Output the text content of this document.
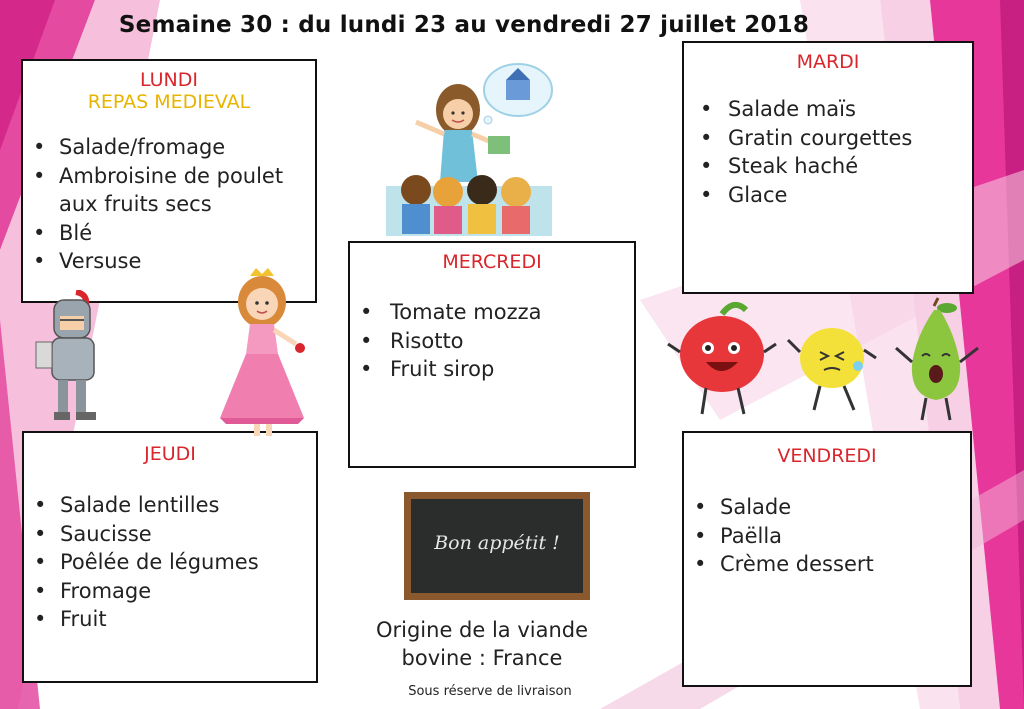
Semaine 30 : du lundi 23 au vendredi 27 juillet 2018
LUNDI
REPAS MEDIEVAL
• Salade/fromage
• Ambroisine de poulet aux fruits secs
• Blé
• Versuse
MARDI
• Salade maïs
• Gratin courgettes
• Steak haché
• Glace
MERCREDI
• Tomate mozza
• Risotto
• Fruit sirop
JEUDI
• Salade lentilles
• Saucisse
• Poêlée de légumes
• Fromage
• Fruit
VENDREDI
• Salade
• Paëlla
• Crème dessert
Bon appétit !
Origine de la viande
bovine : France
Sous réserve de livraison
